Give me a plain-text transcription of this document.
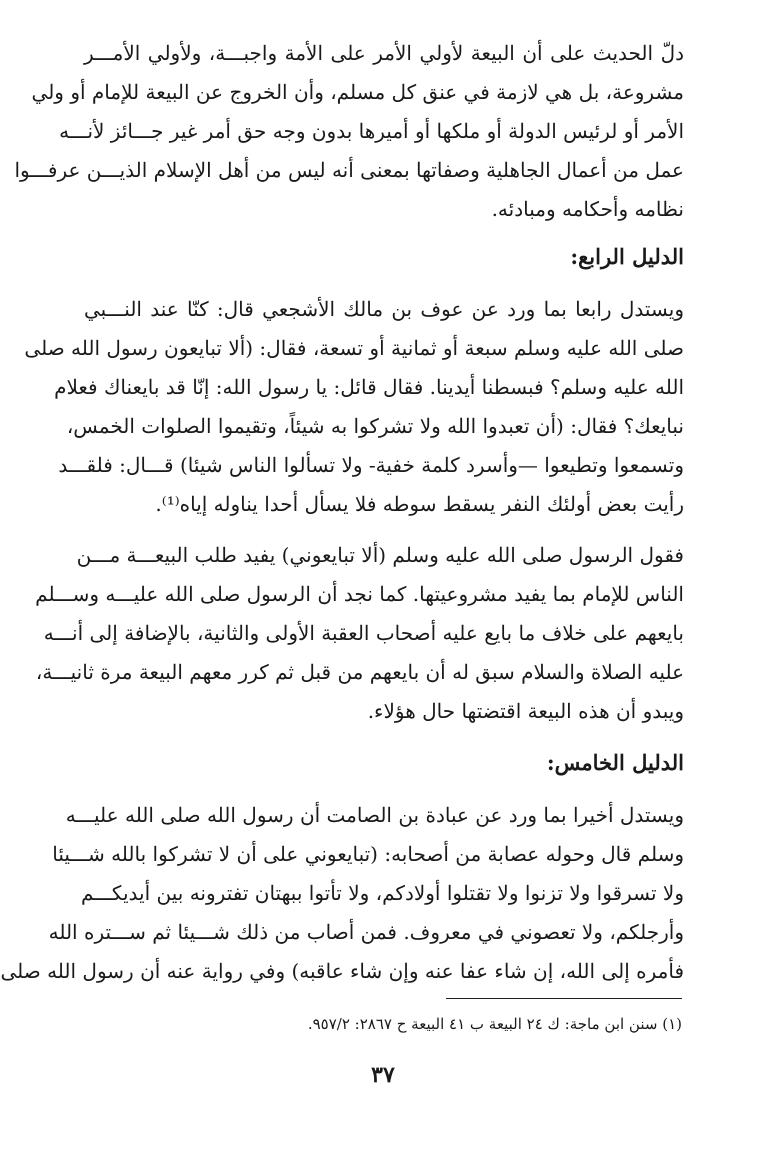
دلّ الحديث على أن البيعة لأولي الأمر على الأمة واجبـــة، ولأولي الأمـــر
مشروعة، بل هي لازمة في عنق كل مسلم، وأن الخروج عن البيعة للإمام أو ولي
الأمر أو لرئيس الدولة أو ملكها أو أميرها بدون وجه حق أمر غير جـــائز لأنـــه
عمل من أعمال الجاهلية وصفاتها بمعنى أنه ليس من أهل الإسلام الذيـــن عرفـــوا
نظامه وأحكامه ومبادئه.
الدليل الرابع:
ويستدل رابعا بما ورد عن عوف بن مالك الأشجعي قال: كنّا عند النـــبي
صلى الله عليه وسلم سبعة أو ثمانية أو تسعة، فقال: (ألا تبايعون رسول الله صلى
الله عليه وسلم؟ فبسطنا أيدينا. فقال قائل: يا رسول الله: إنّا قد بايعناك فعلام
نبايعك؟ فقال: (أن تعبدوا الله ولا تشركوا به شيئاً، وتقيموا الصلوات الخمس،
وتسمعوا وتطيعوا —وأسرد كلمة خفية- ولا تسألوا الناس شيئا) قـــال: فلقـــد
رأيت بعض أولئك النفر يسقط سوطه فلا يسأل أحدا يناوله إياه⁽¹⁾.
فقول الرسول صلى الله عليه وسلم (ألا تبايعوني) يفيد طلب البيعـــة مـــن
الناس للإمام بما يفيد مشروعيتها. كما نجد أن الرسول صلى الله عليـــه وســـلم
بايعهم على خلاف ما بايع عليه أصحاب العقبة الأولى والثانية، بالإضافة إلى أنـــه
عليه الصلاة والسلام سبق له أن بايعهم من قبل ثم كرر معهم البيعة مرة ثانيـــة،
ويبدو أن هذه البيعة اقتضتها حال هؤلاء.
الدليل الخامس:
ويستدل أخيرا بما ورد عن عبادة بن الصامت أن رسول الله صلى الله عليـــه
وسلم قال وحوله عصابة من أصحابه: (تبايعوني على أن لا تشركوا بالله شـــيئا
ولا تسرقوا ولا تزنوا ولا تقتلوا أولادكم، ولا تأتوا ببهتان تفترونه بين أيديكـــم
وأرجلكم، ولا تعصوني في معروف. فمن أصاب من ذلك شـــيئا ثم ســـتره الله
فأمره إلى الله، إن شاء عفا عنه وإن شاء عاقبه) وفي رواية عنه أن رسول الله صلى
(١) سنن ابن ماجة: ك ٢٤ البيعة ب ٤١ البيعة ح ٢٨٦٧: ٩٥٧/٢.
٣٧
